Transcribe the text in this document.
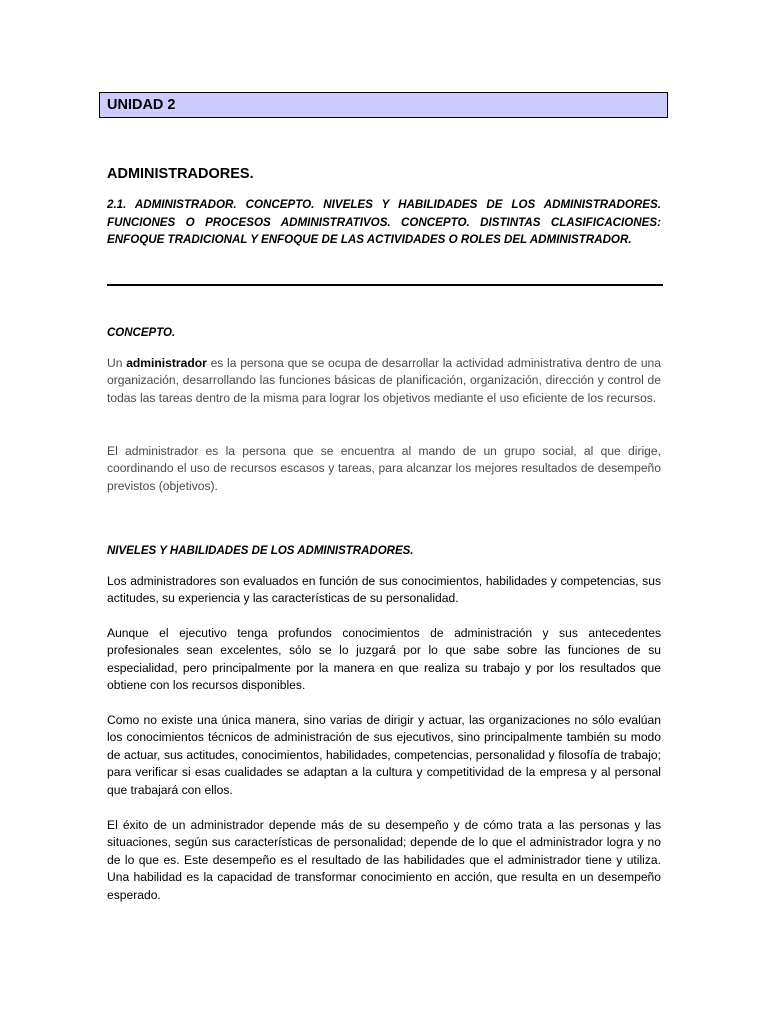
UNIDAD 2
ADMINISTRADORES.

2.1. ADMINISTRADOR. CONCEPTO. NIVELES Y HABILIDADES DE LOS ADMINISTRADORES. FUNCIONES O PROCESOS ADMINISTRATIVOS. CONCEPTO. DISTINTAS CLASIFICACIONES: ENFOQUE TRADICIONAL Y ENFOQUE DE LAS ACTIVIDADES O ROLES DEL ADMINISTRADOR.

CONCEPTO.

Un administrador es la persona que se ocupa de desarrollar la actividad administrativa dentro de una organización, desarrollando las funciones básicas de planificación, organización, dirección y control de todas las tareas dentro de la misma para lograr los objetivos mediante el uso eficiente de los recursos.

El administrador es la persona que se encuentra al mando de un grupo social, al que dirige, coordinando el uso de recursos escasos y tareas, para alcanzar los mejores resultados de desempeño previstos (objetivos).

NIVELES Y HABILIDADES DE LOS ADMINISTRADORES.

Los administradores son evaluados en función de sus conocimientos, habilidades y competencias, sus actitudes, su experiencia y las características de su personalidad.

Aunque el ejecutivo tenga profundos conocimientos de administración y sus antecedentes profesionales sean excelentes, sólo se lo juzgará por lo que sabe sobre las funciones de su especialidad, pero principalmente por la manera en que realiza su trabajo y por los resultados que obtiene con los recursos disponibles.

Como no existe una única manera, sino varias de dirigir y actuar, las organizaciones no sólo evalúan los conocimientos técnicos de administración de sus ejecutivos, sino principalmente también su modo de actuar, sus actitudes, conocimientos, habilidades, competencias, personalidad y filosofía de trabajo; para verificar si esas cualidades se adaptan a la cultura y competitividad de la empresa y al personal que trabajará con ellos.

El éxito de un administrador depende más de su desempeño y de cómo trata a las personas y las situaciones, según sus características de personalidad; depende de lo que el administrador logra y no de lo que es. Este desempeño es el resultado de las habilidades que el administrador tiene y utiliza. Una habilidad es la capacidad de transformar conocimiento en acción, que resulta en un desempeño esperado.
